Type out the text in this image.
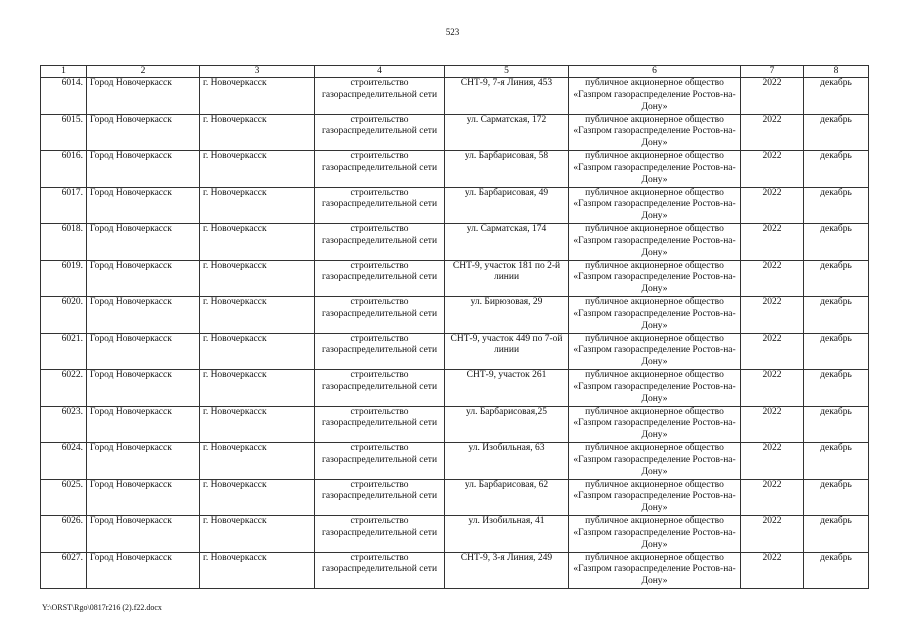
523
1	2	3	4	5	6	7	8
6014.	Город Новочеркасск	г. Новочеркасск	строительство газораспределительной сети	СНТ-9, 7-я Линия, 453	публичное акционерное общество «Газпром газораспределение Ростов-на-Дону»	2022	декабрь
6015.	Город Новочеркасск	г. Новочеркасск	строительство газораспределительной сети	ул. Сарматская, 172	публичное акционерное общество «Газпром газораспределение Ростов-на-Дону»	2022	декабрь
6016.	Город Новочеркасск	г. Новочеркасск	строительство газораспределительной сети	ул. Барбарисовая, 58	публичное акционерное общество «Газпром газораспределение Ростов-на-Дону»	2022	декабрь
6017.	Город Новочеркасск	г. Новочеркасск	строительство газораспределительной сети	ул. Барбарисовая, 49	публичное акционерное общество «Газпром газораспределение Ростов-на-Дону»	2022	декабрь
6018.	Город Новочеркасск	г. Новочеркасск	строительство газораспределительной сети	ул. Сарматская, 174	публичное акционерное общество «Газпром газораспределение Ростов-на-Дону»	2022	декабрь
6019.	Город Новочеркасск	г. Новочеркасск	строительство газораспределительной сети	СНТ-9, участок 181 по 2-й линии	публичное акционерное общество «Газпром газораспределение Ростов-на-Дону»	2022	декабрь
6020.	Город Новочеркасск	г. Новочеркасск	строительство газораспределительной сети	ул. Бирюзовая, 29	публичное акционерное общество «Газпром газораспределение Ростов-на-Дону»	2022	декабрь
6021.	Город Новочеркасск	г. Новочеркасск	строительство газораспределительной сети	СНТ-9, участок 449 по 7-ой линии	публичное акционерное общество «Газпром газораспределение Ростов-на-Дону»	2022	декабрь
6022.	Город Новочеркасск	г. Новочеркасск	строительство газораспределительной сети	СНТ-9, участок 261	публичное акционерное общество «Газпром газораспределение Ростов-на-Дону»	2022	декабрь
6023.	Город Новочеркасск	г. Новочеркасск	строительство газораспределительной сети	ул. Барбарисовая,25	публичное акционерное общество «Газпром газораспределение Ростов-на-Дону»	2022	декабрь
6024.	Город Новочеркасск	г. Новочеркасск	строительство газораспределительной сети	ул. Изобильная, 63	публичное акционерное общество «Газпром газораспределение Ростов-на-Дону»	2022	декабрь
6025.	Город Новочеркасск	г. Новочеркасск	строительство газораспределительной сети	ул. Барбарисовая, 62	публичное акционерное общество «Газпром газораспределение Ростов-на-Дону»	2022	декабрь
6026.	Город Новочеркасск	г. Новочеркасск	строительство газораспределительной сети	ул. Изобильная, 41	публичное акционерное общество «Газпром газораспределение Ростов-на-Дону»	2022	декабрь
6027.	Город Новочеркасск	г. Новочеркасск	строительство газораспределительной сети	СНТ-9, 3-я Линия, 249	публичное акционерное общество «Газпром газораспределение Ростов-на-Дону»	2022	декабрь
Y:\ORST\Rgo\0817r216 (2).f22.docx
